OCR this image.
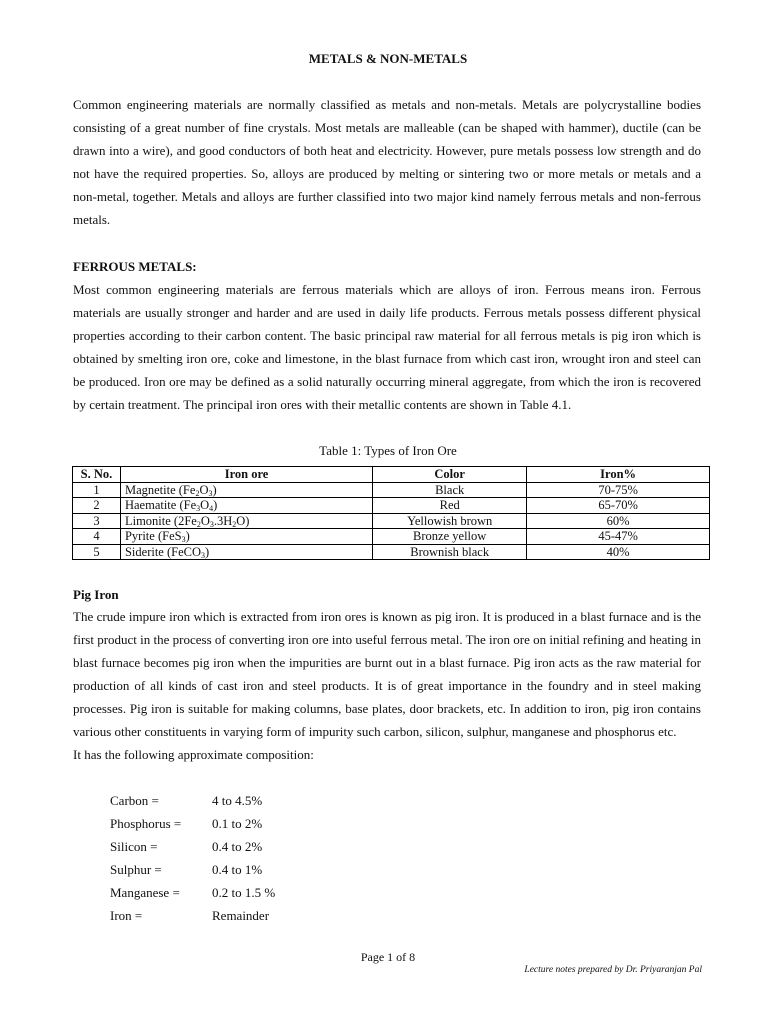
METALS & NON-METALS
Common engineering materials are normally classified as metals and non-metals. Metals are polycrystalline bodies consisting of a great number of fine crystals. Most metals are malleable (can be shaped with hammer), ductile (can be drawn into a wire), and good conductors of both heat and electricity. However, pure metals possess low strength and do not have the required properties. So, alloys are produced by melting or sintering two or more metals or metals and a non-metal, together. Metals and alloys are further classified into two major kind namely ferrous metals and non-ferrous metals.
FERROUS METALS:
Most common engineering materials are ferrous materials which are alloys of iron. Ferrous means iron. Ferrous materials are usually stronger and harder and are used in daily life products. Ferrous metals possess different physical properties according to their carbon content. The basic principal raw material for all ferrous metals is pig iron which is obtained by smelting iron ore, coke and limestone, in the blast furnace from which cast iron, wrought iron and steel can be produced. Iron ore may be defined as a solid naturally occurring mineral aggregate, from which the iron is recovered by certain treatment. The principal iron ores with their metallic contents are shown in Table 4.1.
Table 1: Types of Iron Ore
S. No.	Iron ore	Color	Iron%
1	Magnetite $(Fe_2O_3)$	Black	70-75%
2	Haematite $(Fe_3O_4)$	Red	65-70%
3	Limonite $(2Fe_2O_3.3H_2O)$	Yellowish brown	60%
4	Pyrite (FeS$_3$)	Bronze yellow	45-47%
5	Siderite (FeCO$_3$)	Brownish black	40%
Pig Iron
The crude impure iron which is extracted from iron ores is known as pig iron. It is produced in a blast furnace and is the first product in the process of converting iron ore into useful ferrous metal. The iron ore on initial refining and heating in blast furnace becomes pig iron when the impurities are burnt out in a blast furnace. Pig iron acts as the raw material for production of all kinds of cast iron and steel products. It is of great importance in the foundry and in steel making processes. Pig iron is suitable for making columns, base plates, door brackets, etc. In addition to iron, pig iron contains various other constituents in varying form of impurity such carbon, silicon, sulphur, manganese and phosphorus etc.
It has the following approximate composition:
Carbon =	4 to 4.5%
Phosphorus =	0.1 to 2%
Silicon =	0.4 to 2%
Sulphur =	0.4 to 1%
Manganese =	0.2 to 1.5 %
Iron =	Remainder
Page 1 of 8
Lecture notes prepared by Dr. Priyaranjan Pal
